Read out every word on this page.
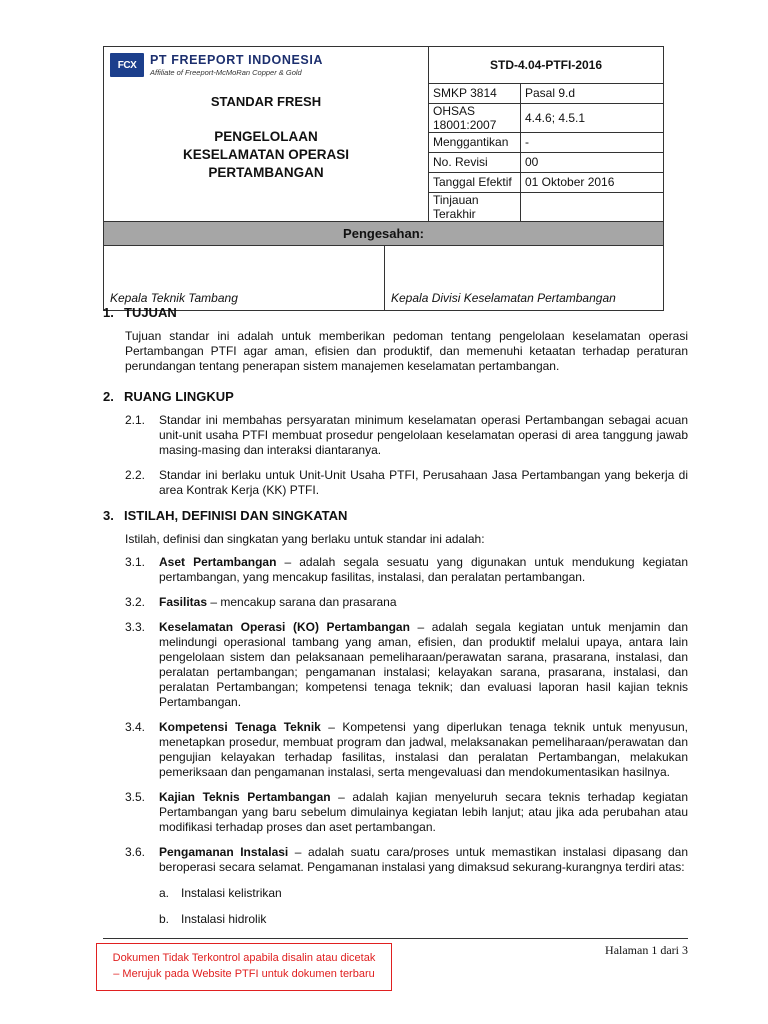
FCX PT FREEPORT INDONESIA
Affiliate of Freeport-McMoRan Copper & Gold		STD-4.04-PTFI-2016	

STANDAR FRESH
PENGELOLAAN
KESELAMATAN OPERASI
PERTAMBANGAN		SMKP 3814	Pasal 9.d
		OHSAS 18001:2007	4.4.6; 4.5.1
		Menggantikan	-
		No. Revisi	00
		Tanggal Efektif	01 Oktober 2016
		Tinjauan Terakhir	
Pengesahan:			
Kepala Teknik Tambang	Kepala Divisi Keselamatan Pertambangan		
1. TUJUAN
Tujuan standar ini adalah untuk memberikan pedoman tentang pengelolaan keselamatan operasi Pertambangan PTFI agar aman, efisien dan produktif, dan memenuhi ketaatan terhadap peraturan perundangan tentang penerapan sistem manajemen keselamatan pertambangan.
2. RUANG LINGKUP
2.1.	Standar ini membahas persyaratan minimum keselamatan operasi Pertambangan sebagai acuan unit-unit usaha PTFI membuat prosedur pengelolaan keselamatan operasi di area tanggung jawab masing-masing dan interaksi diantaranya.
2.2.	Standar ini berlaku untuk Unit-Unit Usaha PTFI, Perusahaan Jasa Pertambangan yang bekerja di area Kontrak Kerja (KK) PTFI.
3. ISTILAH, DEFINISI DAN SINGKATAN
Istilah, definisi dan singkatan yang berlaku untuk standar ini adalah:
3.1.	Aset Pertambangan – adalah segala sesuatu yang digunakan untuk mendukung kegiatan pertambangan, yang mencakup fasilitas, instalasi, dan peralatan pertambangan.
3.2.	Fasilitas – mencakup sarana dan prasarana
3.3.	Keselamatan Operasi (KO) Pertambangan – adalah segala kegiatan untuk menjamin dan melindungi operasional tambang yang aman, efisien, dan produktif melalui upaya, antara lain pengelolaan sistem dan pelaksanaan pemeliharaan/perawatan sarana, prasarana, instalasi, dan peralatan pertambangan; pengamanan instalasi; kelayakan sarana, prasarana, instalasi, dan peralatan Pertambangan; kompetensi tenaga teknik; dan evaluasi laporan hasil kajian teknis Pertambangan.
3.4.	Kompetensi Tenaga Teknik – Kompetensi yang diperlukan tenaga teknik untuk menyusun, menetapkan prosedur, membuat program dan jadwal, melaksanakan pemeliharaan/perawatan dan pengujian kelayakan terhadap fasilitas, instalasi dan peralatan Pertambangan, melakukan pemeriksaan dan pengamanan instalasi, serta mengevaluasi dan mendokumentasikan hasilnya.
3.5.	Kajian Teknis Pertambangan – adalah kajian menyeluruh secara teknis terhadap kegiatan Pertambangan yang baru sebelum dimulainya kegiatan lebih lanjut; atau jika ada perubahan atau modifikasi terhadap proses dan aset pertambangan.
3.6.	Pengamanan Instalasi – adalah suatu cara/proses untuk memastikan instalasi dipasang dan beroperasi secara selamat. Pengamanan instalasi yang dimaksud sekurang-kurangnya terdiri atas:
a. Instalasi kelistrikan
b. Instalasi hidrolik
Halaman 1 dari 3
Dokumen Tidak Terkontrol apabila disalin atau dicetak
– Merujuk pada Website PTFI untuk dokumen terbaru
